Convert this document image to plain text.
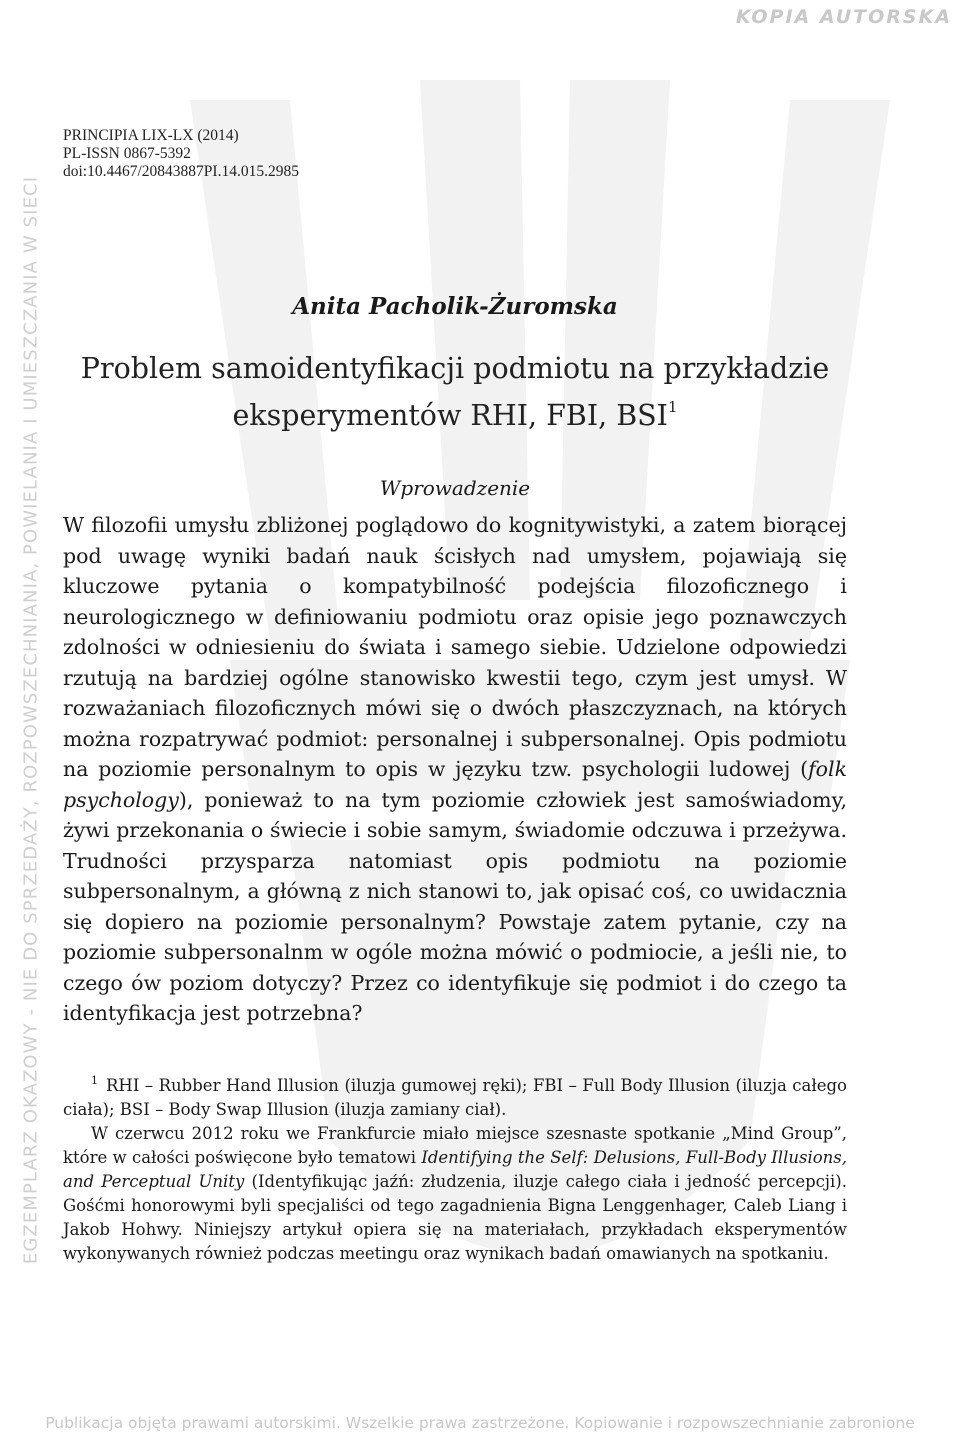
KOPIA AUTORSKA
EGZEMPLARZ OKAZOWY - NIE DO SPRZEDAŻY, ROZPOWSZECHNIANIA, POWIELANIA I UMIESZCZANIA W SIECI
Publikacja objęta prawami autorskimi. Wszelkie prawa zastrzeżone. Kopiowanie i rozpowszechnianie zabronione
PRINCIPIA LIX-LX (2014)
PL-ISSN 0867-5392
doi:10.4467/20843887PI.14.015.2985
Anita Pacholik-Żuromska
Problem samoidentyfikacji podmiotu na przykładzie
eksperymentów RHI, FBI, BSI$^1$
Wprowadzenie

W filozofii umysłu zbliżonej poglądowo do kognitywistyki, a zatem biorącej pod uwagę wyniki badań nauk ścisłych nad umysłem, pojawiają się kluczowe pytania o kompatybilność podejścia filozoficznego i neurologicznego w definiowaniu podmiotu oraz opisie jego poznawczych zdolności w odniesieniu do świata i samego siebie. Udzielone odpowiedzi rzutują na bardziej ogólne stanowisko kwestii tego, czym jest umysł. W rozważaniach filozoficznych mówi się o dwóch płaszczyznach, na których można rozpatrywać podmiot: personalnej i subpersonalnej. Opis podmiotu na poziomie personalnym to opis w języku tzw. psychologii ludowej (folk psychology), ponieważ to na tym poziomie człowiek jest samoświadomy, żywi przekonania o świecie i sobie samym, świadomie odczuwa i przeżywa. Trudności przysparza natomiast opis podmiotu na poziomie subpersonalnym, a główną z nich stanowi to, jak opisać coś, co uwidacznia się dopiero na poziomie personalnym? Powstaje zatem pytanie, czy na poziomie subpersonalnm w ogóle można mówić o podmiocie, a jeśli nie, to czego ów poziom dotyczy? Przez co identyfikuje się podmiot i do czego ta identyfikacja jest potrzebna?

$^1$ RHI – Rubber Hand Illusion (iluzja gumowej ręki); FBI – Full Body Illusion (iluzja całego ciała); BSI – Body Swap Illusion (iluzja zamiany ciał).

W czerwcu 2012 roku we Frankfurcie miało miejsce szesnaste spotkanie „Mind Group”, które w całości poświęcone było tematowi Identifying the Self: Delusions, Full-Body Illusions, and Perceptual Unity (Identyfikując jaźń: złudzenia, iluzje całego ciała i jedność percepcji). Gośćmi honorowymi byli specjaliści od tego zagadnienia Bigna Lenggenhager, Caleb Liang i Jakob Hohwy. Niniejszy artykuł opiera się na materiałach, przykładach eksperymentów wykonywanych również podczas meetingu oraz wynikach badań omawianych na spotkaniu.
